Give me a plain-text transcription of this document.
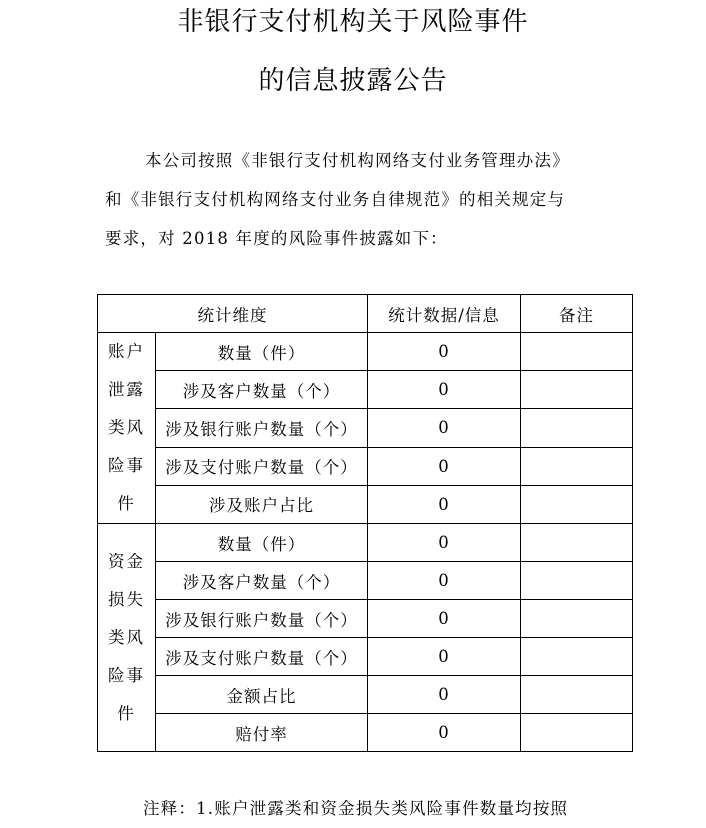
非银行支付机构关于风险事件
的信息披露公告
本公司按照《非银行支付机构网络支付业务管理办法》
和《非银行支付机构网络支付业务自律规范》的相关规定与
要求，对 2018 年度的风险事件披露如下：
统计维度		统计数据/信息	备注
账户泄露类风险事件	数量（件）	0	
	涉及客户数量（个）	0	
	涉及银行账户数量（个）	0	
	涉及支付账户数量（个）	0	
	涉及账户占比	0	
资金损失类风险事件	数量（件）	0	
	涉及客户数量（个）	0	
	涉及银行账户数量（个）	0	
	涉及支付账户数量（个）	0	
	金额占比	0	
	赔付率	0	
注释：1.账户泄露类和资金损失类风险事件数量均按照
